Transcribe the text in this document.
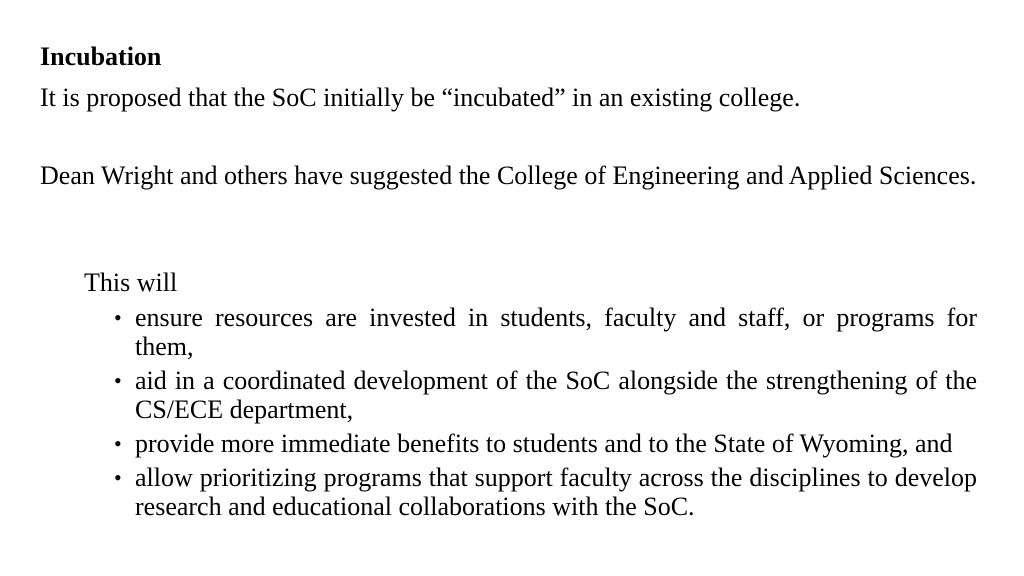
Incubation

It is proposed that the SoC initially be “incubated” in an existing college.

Dean Wright and others have suggested the College of Engineering and Applied Sciences.

This will

• ensure resources are invested in students, faculty and staff, or programs for them,
• aid in a coordinated development of the SoC alongside the strengthening of the CS/ECE department,
• provide more immediate benefits to students and to the State of Wyoming, and
• allow prioritizing programs that support faculty across the disciplines to develop research and educational collaborations with the SoC.
